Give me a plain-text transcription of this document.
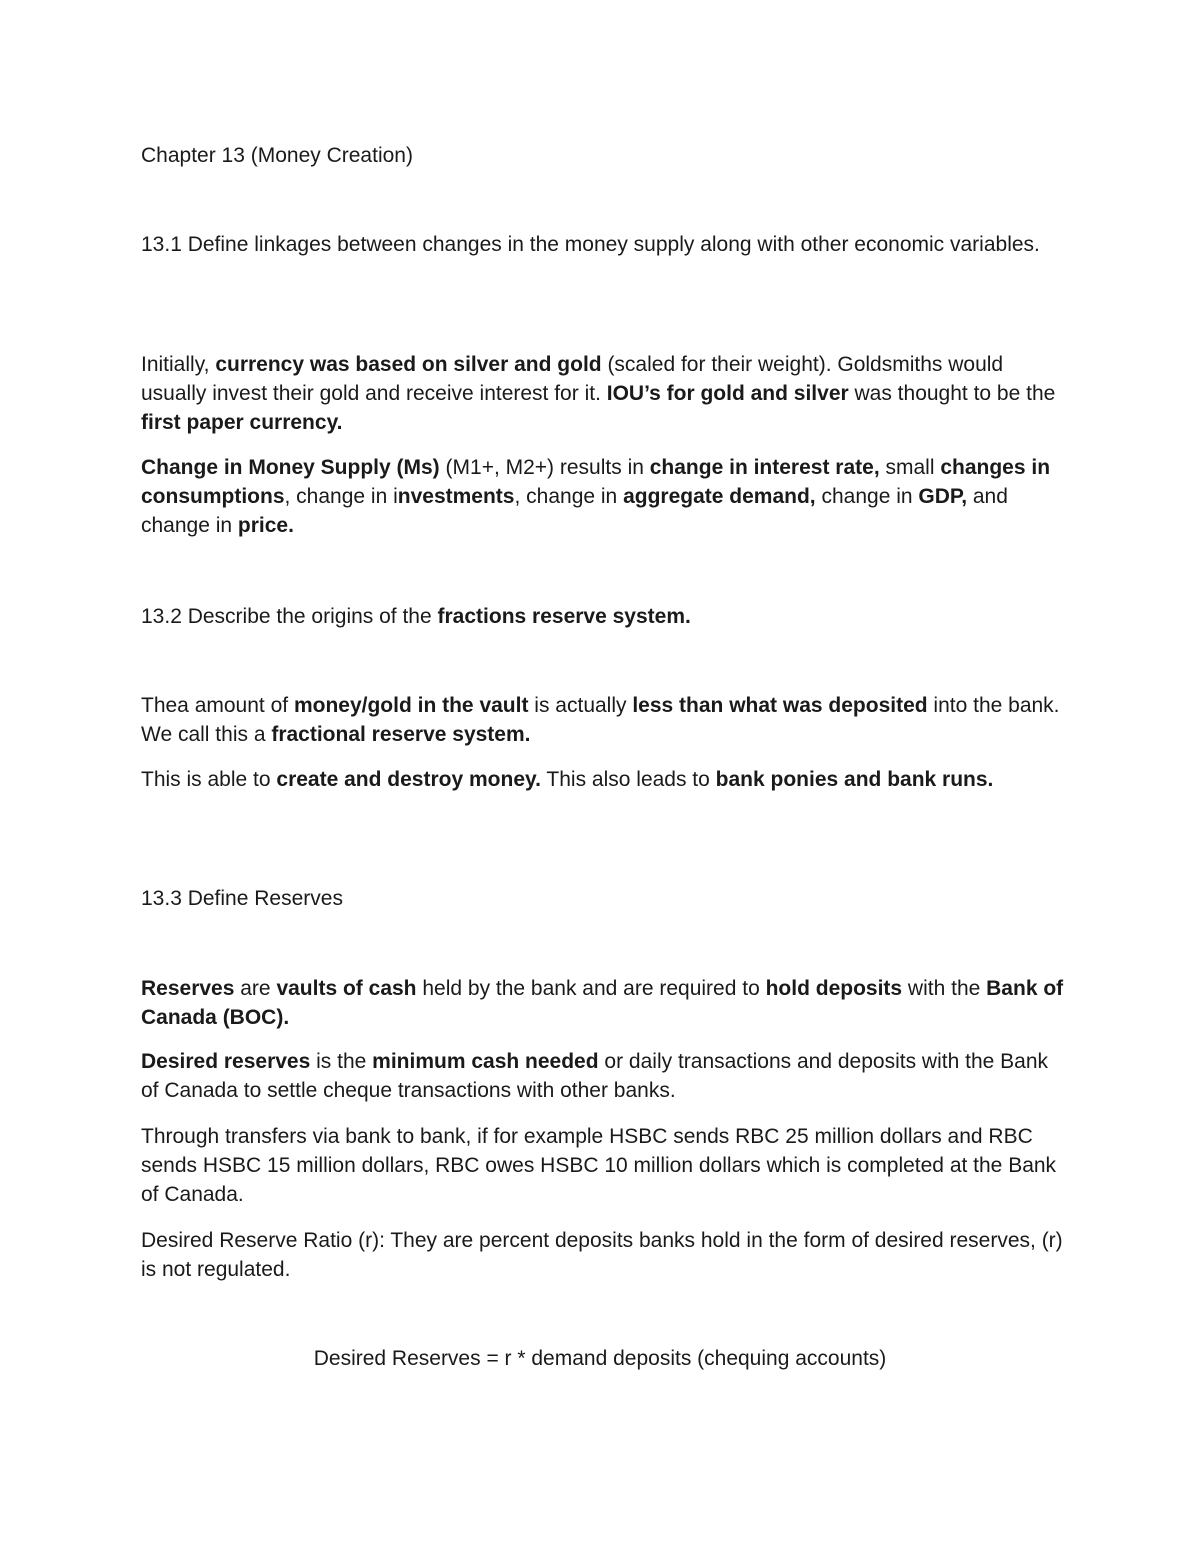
Chapter 13 (Money Creation)

13.1 Define linkages between changes in the money supply along with other economic variables.

Initially, currency was based on silver and gold (scaled for their weight). Goldsmiths would usually invest their gold and receive interest for it. IOU’s for gold and silver was thought to be the first paper currency.

Change in Money Supply (Ms) (M1+, M2+) results in change in interest rate, small changes in consumptions, change in investments, change in aggregate demand, change in GDP, and change in price.

13.2 Describe the origins of the fractions reserve system.

Thea amount of money/gold in the vault is actually less than what was deposited into the bank. We call this a fractional reserve system.

This is able to create and destroy money. This also leads to bank ponies and bank runs.

13.3 Define Reserves

Reserves are vaults of cash held by the bank and are required to hold deposits with the Bank of Canada (BOC).

Desired reserves is the minimum cash needed or daily transactions and deposits with the Bank of Canada to settle cheque transactions with other banks.

Through transfers via bank to bank, if for example HSBC sends RBC 25 million dollars and RBC sends HSBC 15 million dollars, RBC owes HSBC 10 million dollars which is completed at the Bank of Canada.

Desired Reserve Ratio (r): They are percent deposits banks hold in the form of desired reserves, (r) is not regulated.

Desired Reserves = r * demand deposits (chequing accounts)
